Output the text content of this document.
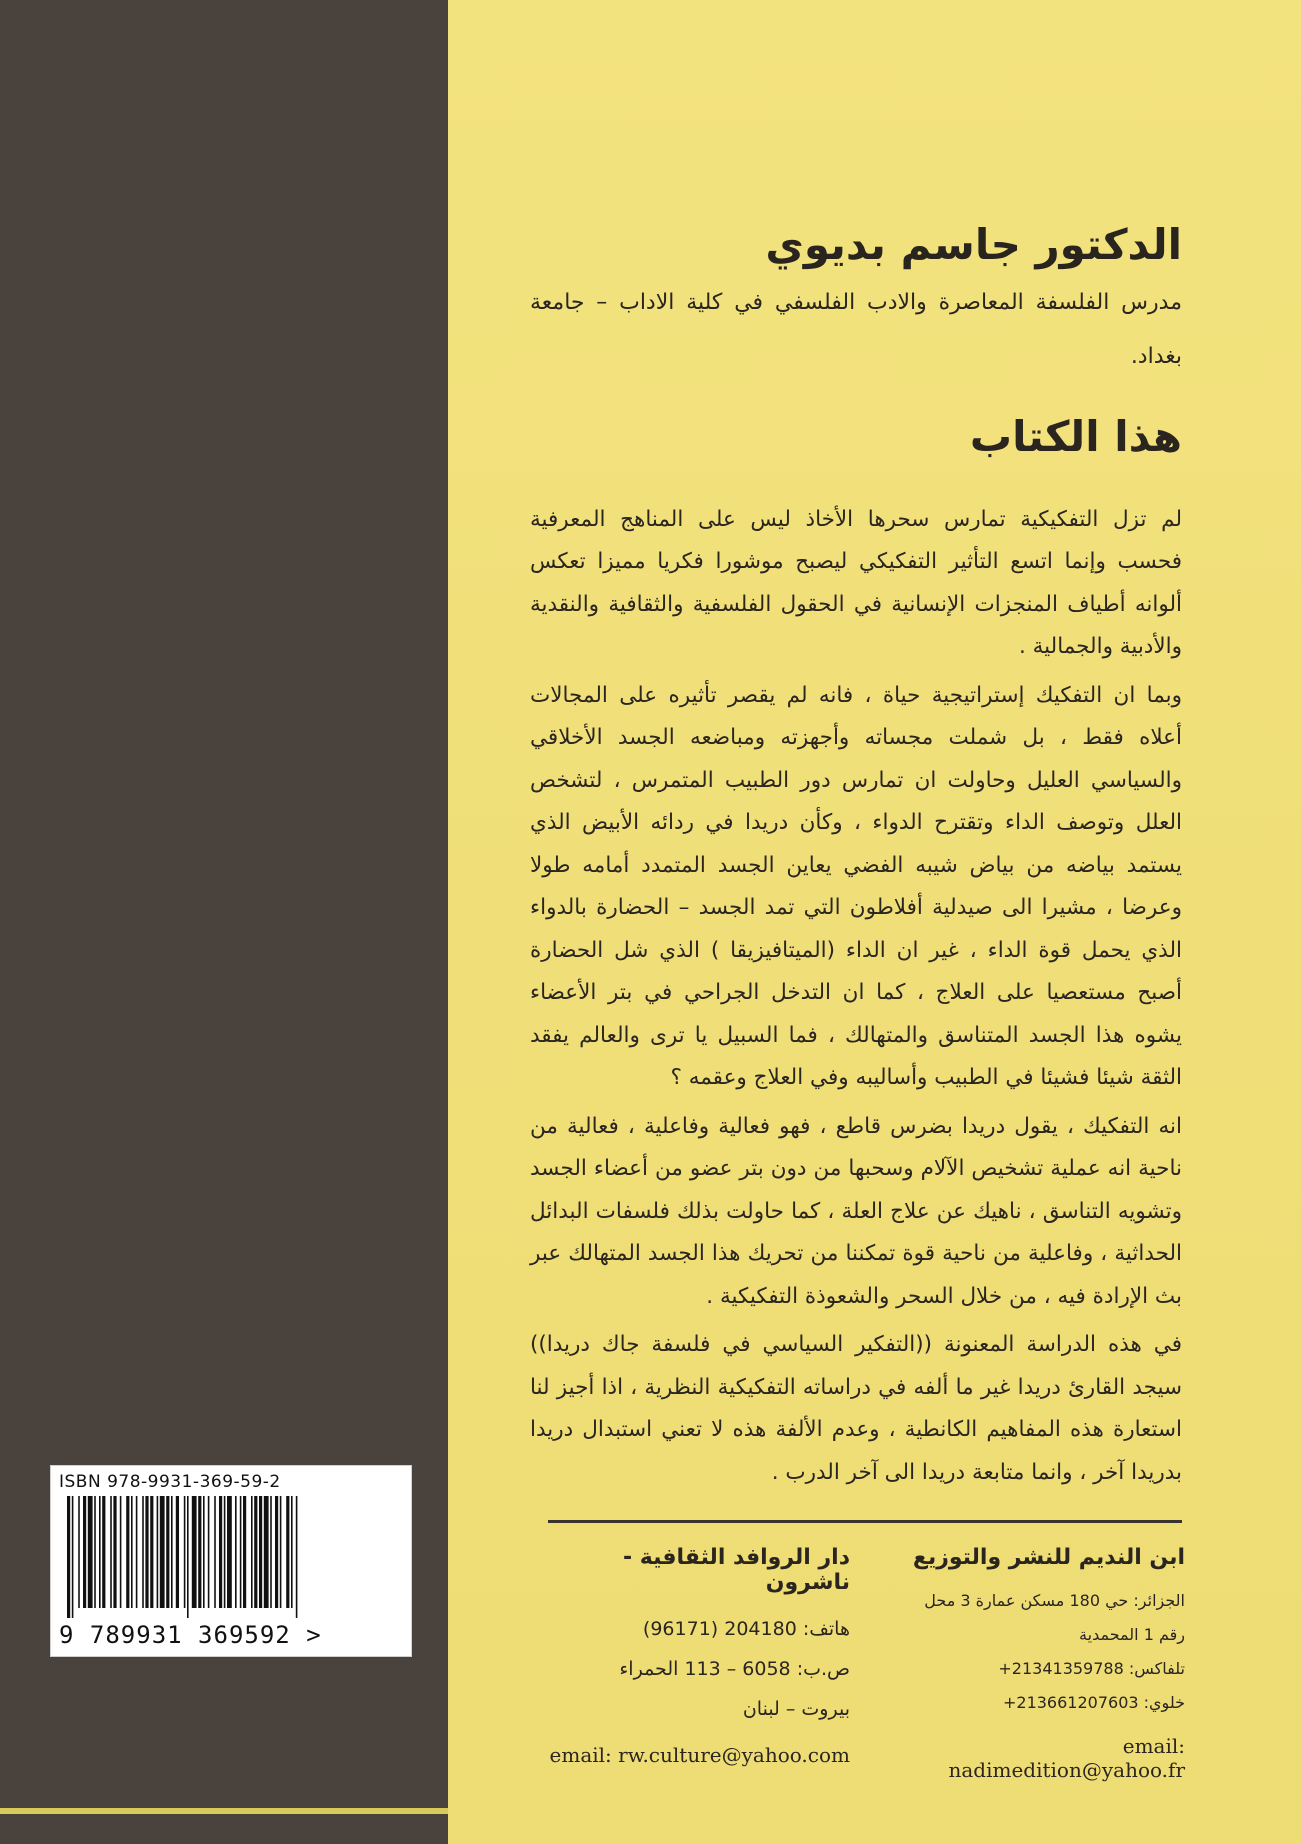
الدكتور جاسم بديوي

مدرس الفلسفة المعاصرة والادب الفلسفي في كلية الاداب – جامعة بغداد.

هذا الكتاب

لم تزل التفكيكية تمارس سحرها الأخاذ ليس على المناهج المعرفية فحسب وإنما اتسع التأثير التفكيكي ليصبح موشورا فكريا مميزا تعكس ألوانه أطياف المنجزات الإنسانية في الحقول الفلسفية والثقافية والنقدية والأدبية والجمالية .

وبما ان التفكيك إستراتيجية حياة ، فانه لم يقصر تأثيره على المجالات أعلاه فقط ، بل شملت مجساته وأجهزته ومباضعه الجسد الأخلاقي والسياسي العليل وحاولت ان تمارس دور الطبيب المتمرس ، لتشخص العلل وتوصف الداء وتقترح الدواء ، وكأن دريدا في ردائه الأبيض الذي يستمد بياضه من بياض شيبه الفضي يعاين الجسد المتمدد أمامه طولا وعرضا ، مشيرا الى صيدلية أفلاطون التي تمد الجسد – الحضارة بالدواء الذي يحمل قوة الداء ، غير ان الداء (الميتافيزيقا ) الذي شل الحضارة أصبح مستعصيا على العلاج ، كما ان التدخل الجراحي في بتر الأعضاء يشوه هذا الجسد المتناسق والمتهالك ، فما السبيل يا ترى والعالم يفقد الثقة شيئا فشيئا في الطبيب وأساليبه وفي العلاج وعقمه ؟

انه التفكيك ، يقول دريدا بضرس قاطع ، فهو فعالية وفاعلية ، فعالية من ناحية انه عملية تشخيص الآلام وسحبها من دون بتر عضو من أعضاء الجسد وتشويه التناسق ، ناهيك عن علاج العلة ، كما حاولت بذلك فلسفات البدائل الحداثية ، وفاعلية من ناحية قوة تمكننا من تحريك هذا الجسد المتهالك عبر بث الإرادة فيه ، من خلال السحر والشعوذة التفكيكية .

في هذه الدراسة المعنونة ((التفكير السياسي في فلسفة جاك دريدا)) سيجد القارئ دريدا غير ما ألفه في دراساته التفكيكية النظرية ، اذا أجيز لنا استعارة هذه المفاهيم الكانطية ، وعدم الألفة هذه لا تعني استبدال دريدا بدريدا آخر ، وانما متابعة دريدا الى آخر الدرب .

ابن النديم للنشر والتوزيع

الجزائر: حي 180 مسكن عمارة 3 محل

رقم 1 المحمدية

تلفاكس: 21341359788+

خلوي: 213661207603+

email: nadimedition@yahoo.fr

دار الروافد الثقافية - ناشرون

هاتف: 204180 (96171)

ص.ب: 6058 – 113 الحمراء

بيروت – لبنان

email: rw.culture@yahoo.com
ISBN 978-9931-369-59-2
9 789931 369592 >
